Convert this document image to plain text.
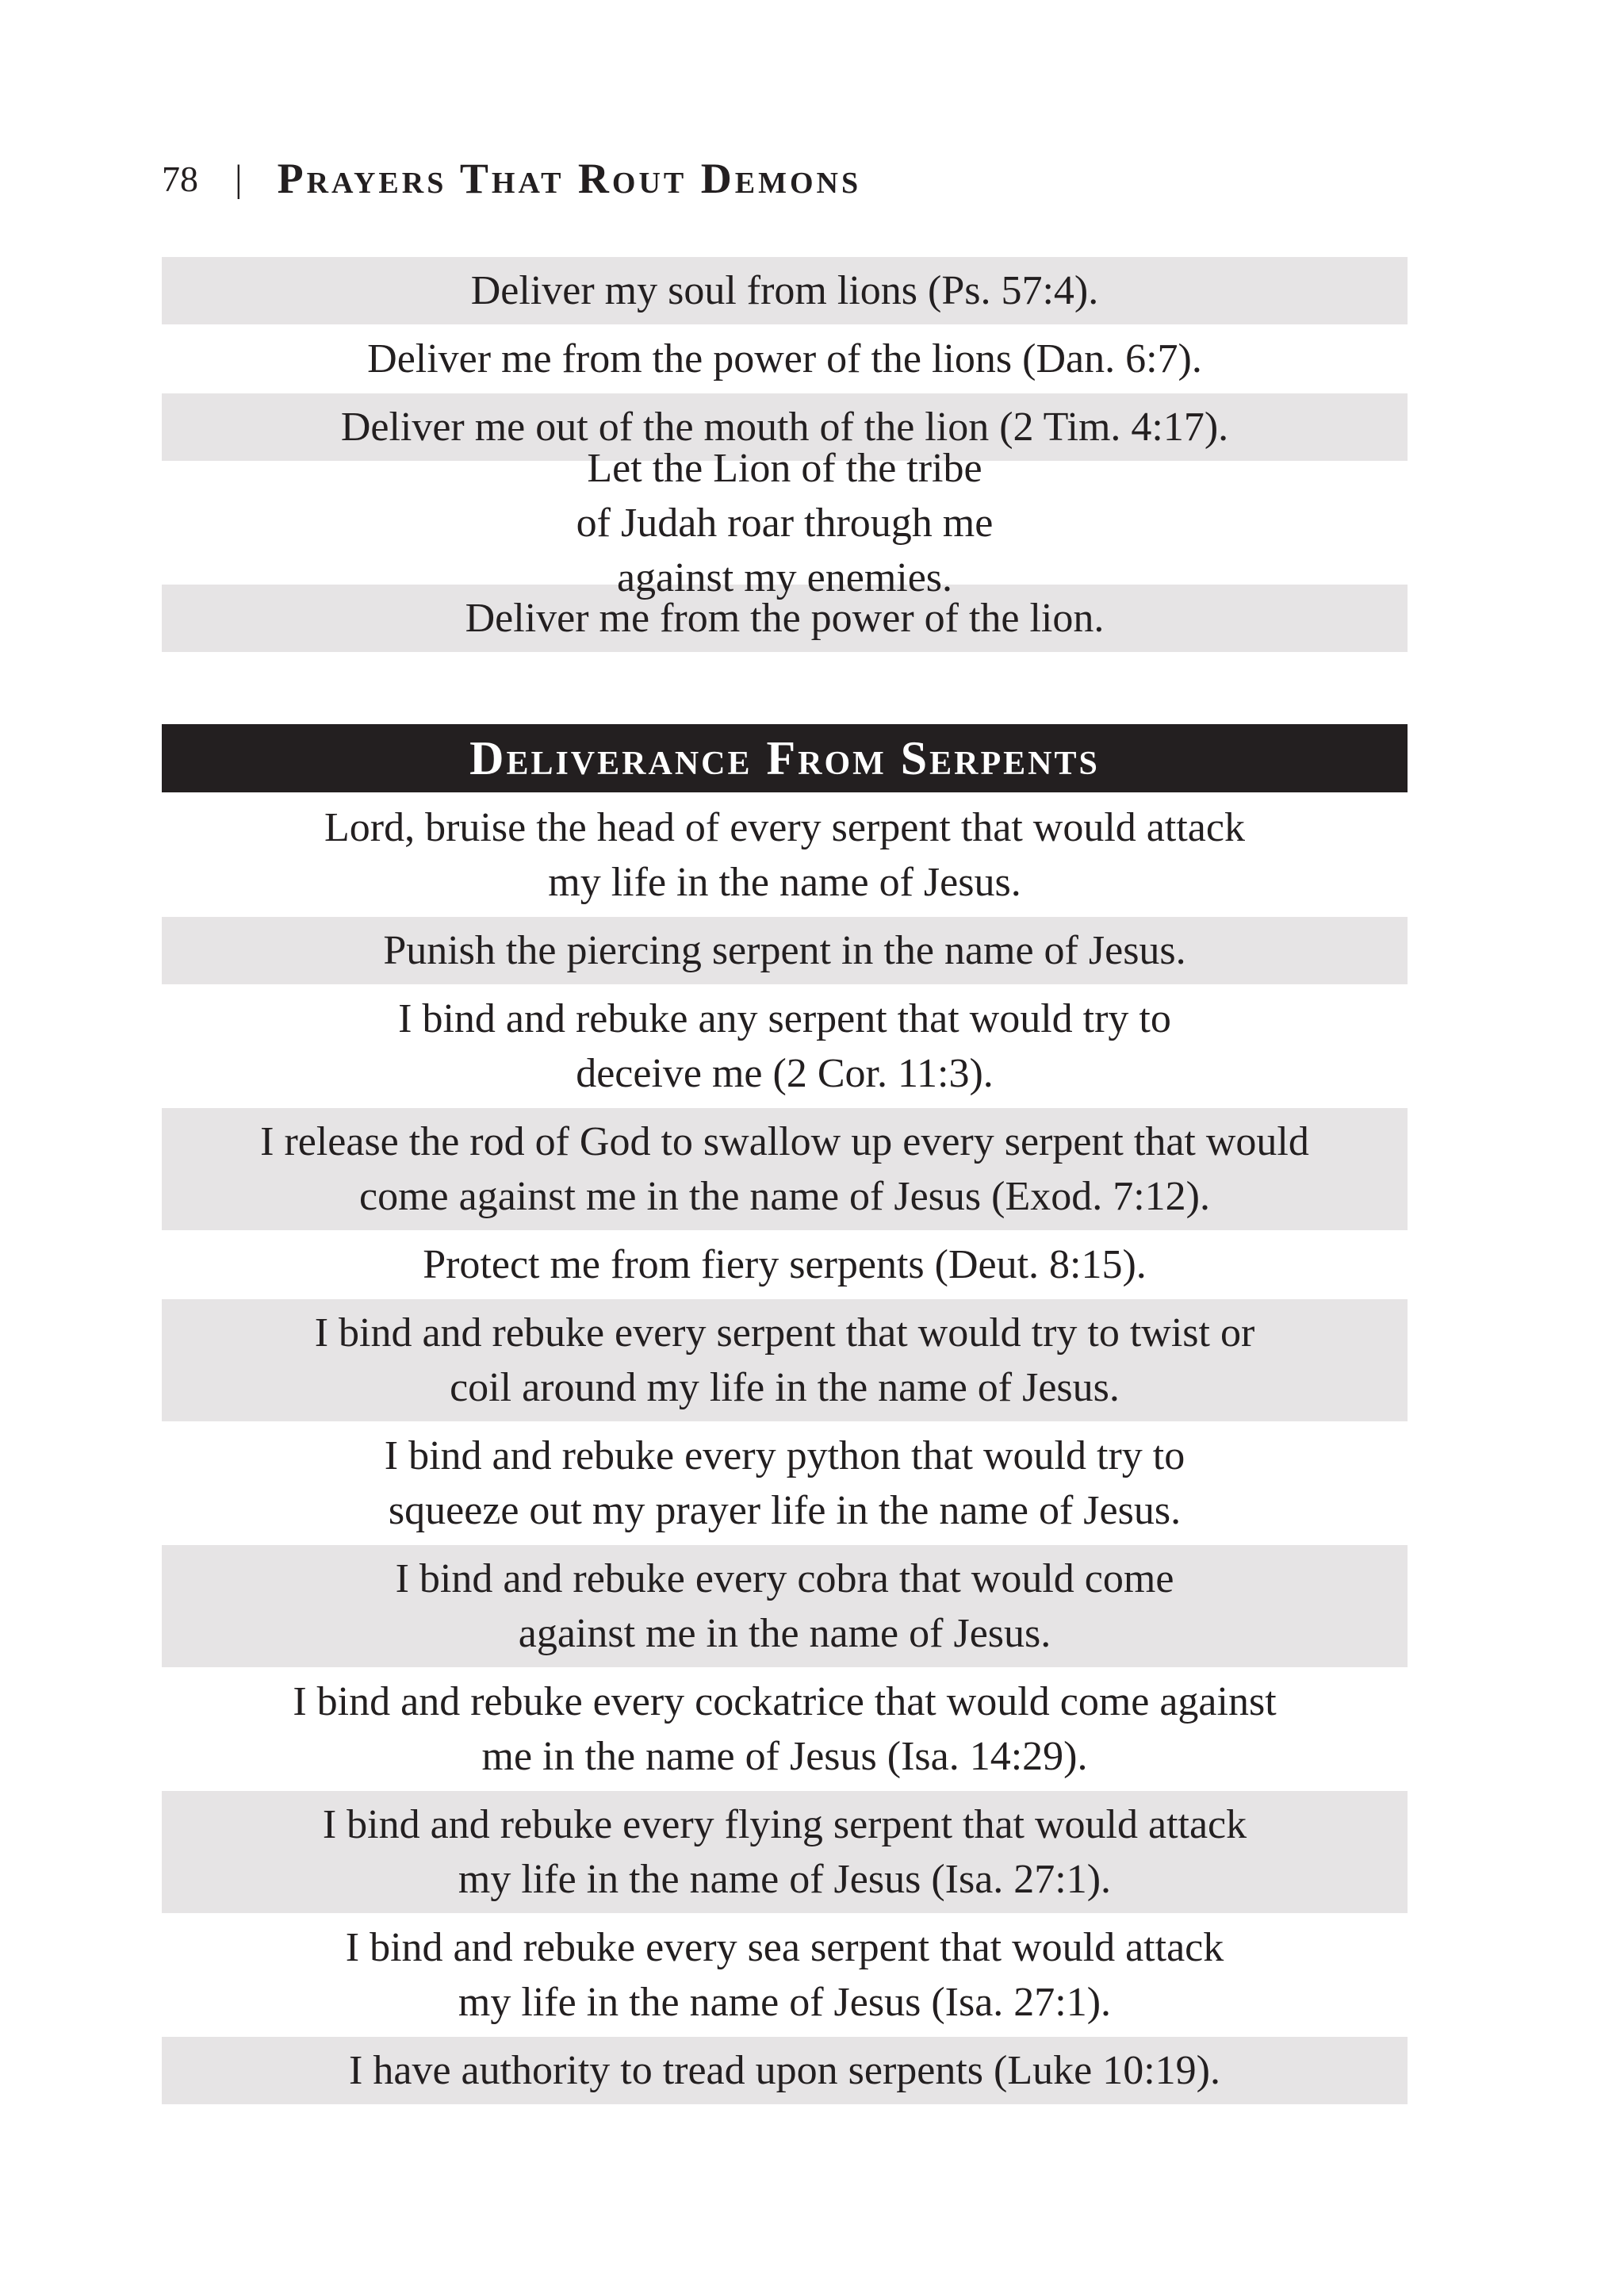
78 | Prayers That Rout Demons
Deliver my soul from lions (Ps. 57:4).
Deliver me from the power of the lions (Dan. 6:7).
Deliver me out of the mouth of the lion (2 Tim. 4:17).
Let the Lion of the tribe of Judah roar through me against my enemies.
Deliver me from the power of the lion.
Deliverance From Serpents
Lord, bruise the head of every serpent that would attack my life in the name of Jesus.
Punish the piercing serpent in the name of Jesus.
I bind and rebuke any serpent that would try to deceive me (2 Cor. 11:3).
I release the rod of God to swallow up every serpent that would come against me in the name of Jesus (Exod. 7:12).
Protect me from fiery serpents (Deut. 8:15).
I bind and rebuke every serpent that would try to twist or coil around my life in the name of Jesus.
I bind and rebuke every python that would try to squeeze out my prayer life in the name of Jesus.
I bind and rebuke every cobra that would come against me in the name of Jesus.
I bind and rebuke every cockatrice that would come against me in the name of Jesus (Isa. 14:29).
I bind and rebuke every flying serpent that would attack my life in the name of Jesus (Isa. 27:1).
I bind and rebuke every sea serpent that would attack my life in the name of Jesus (Isa. 27:1).
I have authority to tread upon serpents (Luke 10:19).
